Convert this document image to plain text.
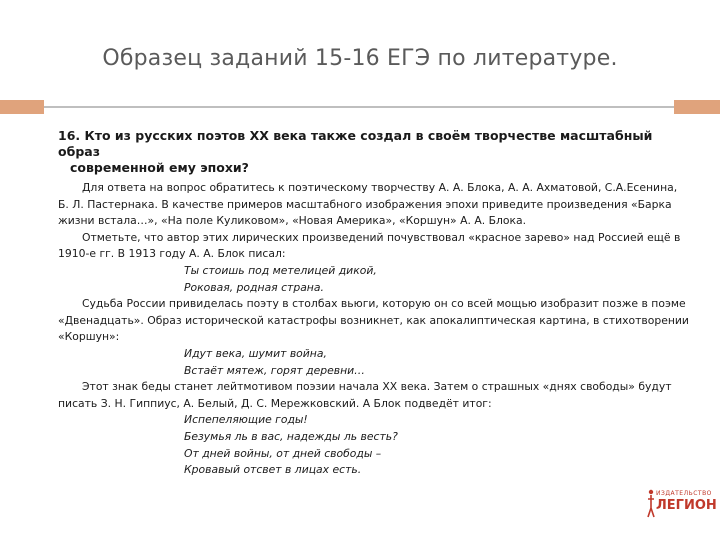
Образец заданий 15-16 ЕГЭ по литературе.
16. Кто из русских поэтов XX века также создал в своём творчестве масштабный образ
современной ему эпохи?

Для ответа на вопрос обратитесь к поэтическому творчеству А. А. Блока, А. А. Ахматовой, С.А.Есенина, Б. Л. Пастернака. В качестве примеров масштабного изображения эпохи приведите произведения «Барка жизни встала…», «На поле Куликовом», «Новая Америка», «Коршун» А. А. Блока.

Отметьте, что автор этих лирических произведений почувствовал «красное зарево» над Россией ещё в 1910-е гг. В 1913 году А. А. Блок писал:

Ты стоишь под метелицей дикой,

Роковая, родная страна.

Судьба России привиделась поэту в столбах вьюги, которую он со всей мощью изобразит позже в поэме «Двенадцать». Образ исторической катастрофы возникнет, как апокалиптическая картина, в стихотворении «Коршун»:

Идут века, шумит война,

Встаёт мятеж, горят деревни…

Этот знак беды станет лейтмотивом поэзии начала XX века. Затем о страшных «днях свободы» будут писать З. Н. Гиппиус, А. Белый, Д. С. Мережковский. А Блок подведёт итог:

Испепеляющие годы!

Безумья ль в вас, надежды ль весть?

От дней войны, от дней свободы –

Кровавый отсвет в лицах есть.

ИЗДАТЕЛЬСТВО
ЛЕГИОН
